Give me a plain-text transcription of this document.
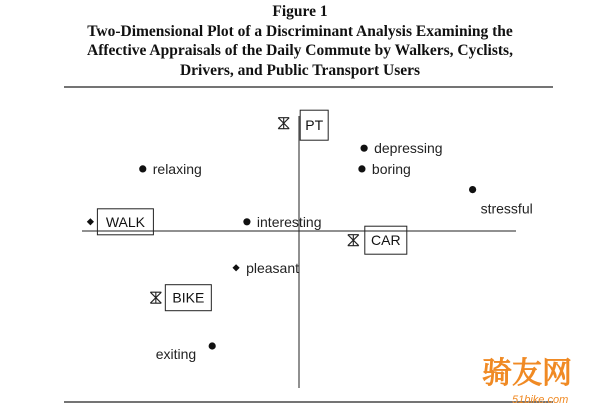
Figure 1
Two-Dimensional Plot of a Discriminant Analysis Examining the
Affective Appraisals of the Daily Commute by Walkers, Cyclists,
Drivers, and Public Transport Users
PT
WALK
CAR
BIKE
depressing
boring
relaxing
stressful
interesting
pleasant
exiting
骑友网
51bike.com
